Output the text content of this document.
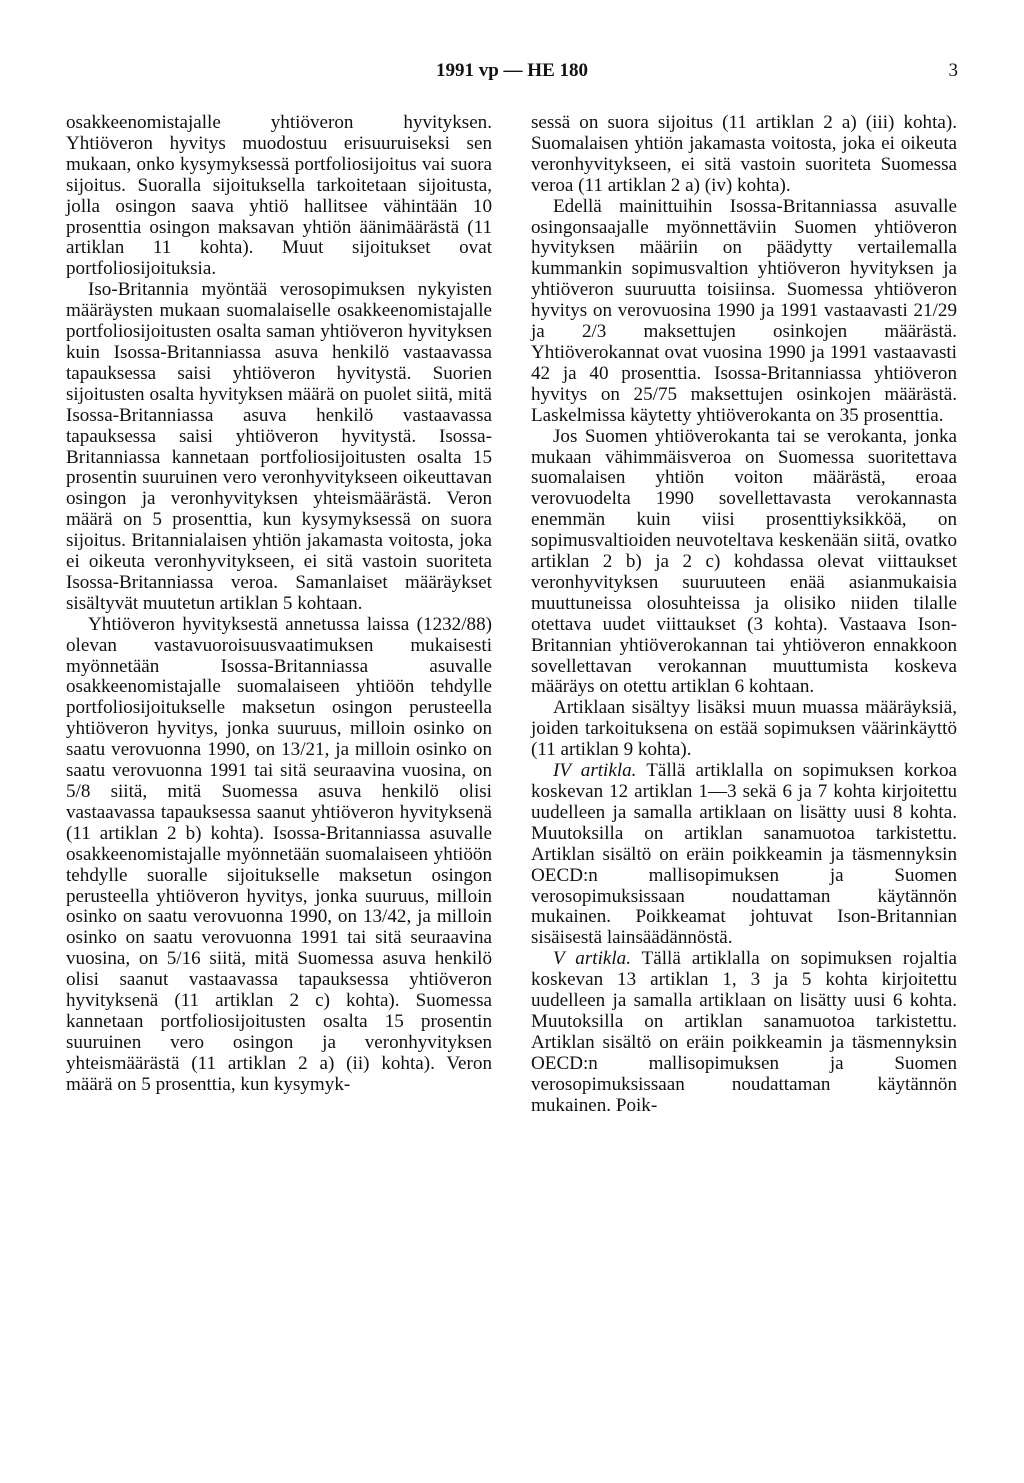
1991 vp — HE 180	3

osakkeenomistajalle yhtiöveron hyvityksen. Yhtiöveron hyvitys muodostuu erisuuruiseksi sen mukaan, onko kysymyksessä portfoliosijoitus vai suora sijoitus. Suoralla sijoituksella tarkoitetaan sijoitusta, jolla osingon saava yhtiö hallitsee vähintään 10 prosenttia osingon maksavan yhtiön äänimäärästä (11 artiklan 11 kohta). Muut sijoitukset ovat portfoliosijoituksia.

Iso-Britannia myöntää verosopimuksen nykyisten määräysten mukaan suomalaiselle osakkeenomistajalle portfoliosijoitusten osalta saman yhtiöveron hyvityksen kuin Isossa-Britanniassa asuva henkilö vastaavassa tapauksessa saisi yhtiöveron hyvitystä. Suorien sijoitusten osalta hyvityksen määrä on puolet siitä, mitä Isossa-Britanniassa asuva henkilö vastaavassa tapauksessa saisi yhtiöveron hyvitystä. Isossa-Britanniassa kannetaan portfoliosijoitusten osalta 15 prosentin suuruinen vero veronhyvitykseen oikeuttavan osingon ja veronhyvityksen yhteismäärästä. Veron määrä on 5 prosenttia, kun kysymyksessä on suora sijoitus. Britannialaisen yhtiön jakamasta voitosta, joka ei oikeuta veronhyvitykseen, ei sitä vastoin suoriteta Isossa-Britanniassa veroa. Samanlaiset määräykset sisältyvät muutetun artiklan 5 kohtaan.

Yhtiöveron hyvityksestä annetussa laissa (1232/88) olevan vastavuoroisuusvaatimuksen mukaisesti myönnetään Isossa-Britanniassa asuvalle osakkeenomistajalle suomalaiseen yhtiöön tehdylle portfoliosijoitukselle maksetun osingon perusteella yhtiöveron hyvitys, jonka suuruus, milloin osinko on saatu verovuonna 1990, on 13/21, ja milloin osinko on saatu verovuonna 1991 tai sitä seuraavina vuosina, on 5/8 siitä, mitä Suomessa asuva henkilö olisi vastaavassa tapauksessa saanut yhtiöveron hyvityksenä (11 artiklan 2 b) kohta). Isossa-Britanniassa asuvalle osakkeenomistajalle myönnetään suomalaiseen yhtiöön tehdylle suoralle sijoitukselle maksetun osingon perusteella yhtiöveron hyvitys, jonka suuruus, milloin osinko on saatu verovuonna 1990, on 13/42, ja milloin osinko on saatu verovuonna 1991 tai sitä seuraavina vuosina, on 5/16 siitä, mitä Suomessa asuva henkilö olisi saanut vastaavassa tapauksessa yhtiöveron hyvityksenä (11 artiklan 2 c) kohta). Suomessa kannetaan portfoliosijoitusten osalta 15 prosentin suuruinen vero osingon ja veronhyvityksen yhteismäärästä (11 artiklan 2 a) (ii) kohta). Veron määrä on 5 prosenttia, kun kysymyk-

sessä on suora sijoitus (11 artiklan 2 a) (iii) kohta). Suomalaisen yhtiön jakamasta voitosta, joka ei oikeuta veronhyvitykseen, ei sitä vastoin suoriteta Suomessa veroa (11 artiklan 2 a) (iv) kohta).

Edellä mainittuihin Isossa-Britanniassa asuvalle osingonsaajalle myönnettäviin Suomen yhtiöveron hyvityksen määriin on päädytty vertailemalla kummankin sopimusvaltion yhtiöveron hyvityksen ja yhtiöveron suuruutta toisiinsa. Suomessa yhtiöveron hyvitys on verovuosina 1990 ja 1991 vastaavasti 21/29 ja 2/3 maksettujen osinkojen määrästä. Yhtiöverokannat ovat vuosina 1990 ja 1991 vastaavasti 42 ja 40 prosenttia. Isossa-Britanniassa yhtiöveron hyvitys on 25/75 maksettujen osinkojen määrästä. Laskelmissa käytetty yhtiöverokanta on 35 prosenttia.

Jos Suomen yhtiöverokanta tai se verokanta, jonka mukaan vähimmäisveroa on Suomessa suoritettava suomalaisen yhtiön voiton määrästä, eroaa verovuodelta 1990 sovellettavasta verokannasta enemmän kuin viisi prosenttiyksikköä, on sopimusvaltioiden neuvoteltava keskenään siitä, ovatko artiklan 2 b) ja 2 c) kohdassa olevat viittaukset veronhyvityksen suuruuteen enää asianmukaisia muuttuneissa olosuhteissa ja olisiko niiden tilalle otettava uudet viittaukset (3 kohta). Vastaava Ison-Britannian yhtiöverokannan tai yhtiöveron ennakkoon sovellettavan verokannan muuttumista koskeva määräys on otettu artiklan 6 kohtaan.

Artiklaan sisältyy lisäksi muun muassa määräyksiä, joiden tarkoituksena on estää sopimuksen väärinkäyttö (11 artiklan 9 kohta).

IV artikla. Tällä artiklalla on sopimuksen korkoa koskevan 12 artiklan 1—3 sekä 6 ja 7 kohta kirjoitettu uudelleen ja samalla artiklaan on lisätty uusi 8 kohta. Muutoksilla on artiklan sanamuotoa tarkistettu. Artiklan sisältö on eräin poikkeamin ja täsmennyksin OECD:n mallisopimuksen ja Suomen verosopimuksissaan noudattaman käytännön mukainen. Poikkeamat johtuvat Ison-Britannian sisäisestä lainsäädännöstä.

V artikla. Tällä artiklalla on sopimuksen rojaltia koskevan 13 artiklan 1, 3 ja 5 kohta kirjoitettu uudelleen ja samalla artiklaan on lisätty uusi 6 kohta. Muutoksilla on artiklan sanamuotoa tarkistettu. Artiklan sisältö on eräin poikkeamin ja täsmennyksin OECD:n mallisopimuksen ja Suomen verosopimuksissaan noudattaman käytännön mukainen. Poik-
